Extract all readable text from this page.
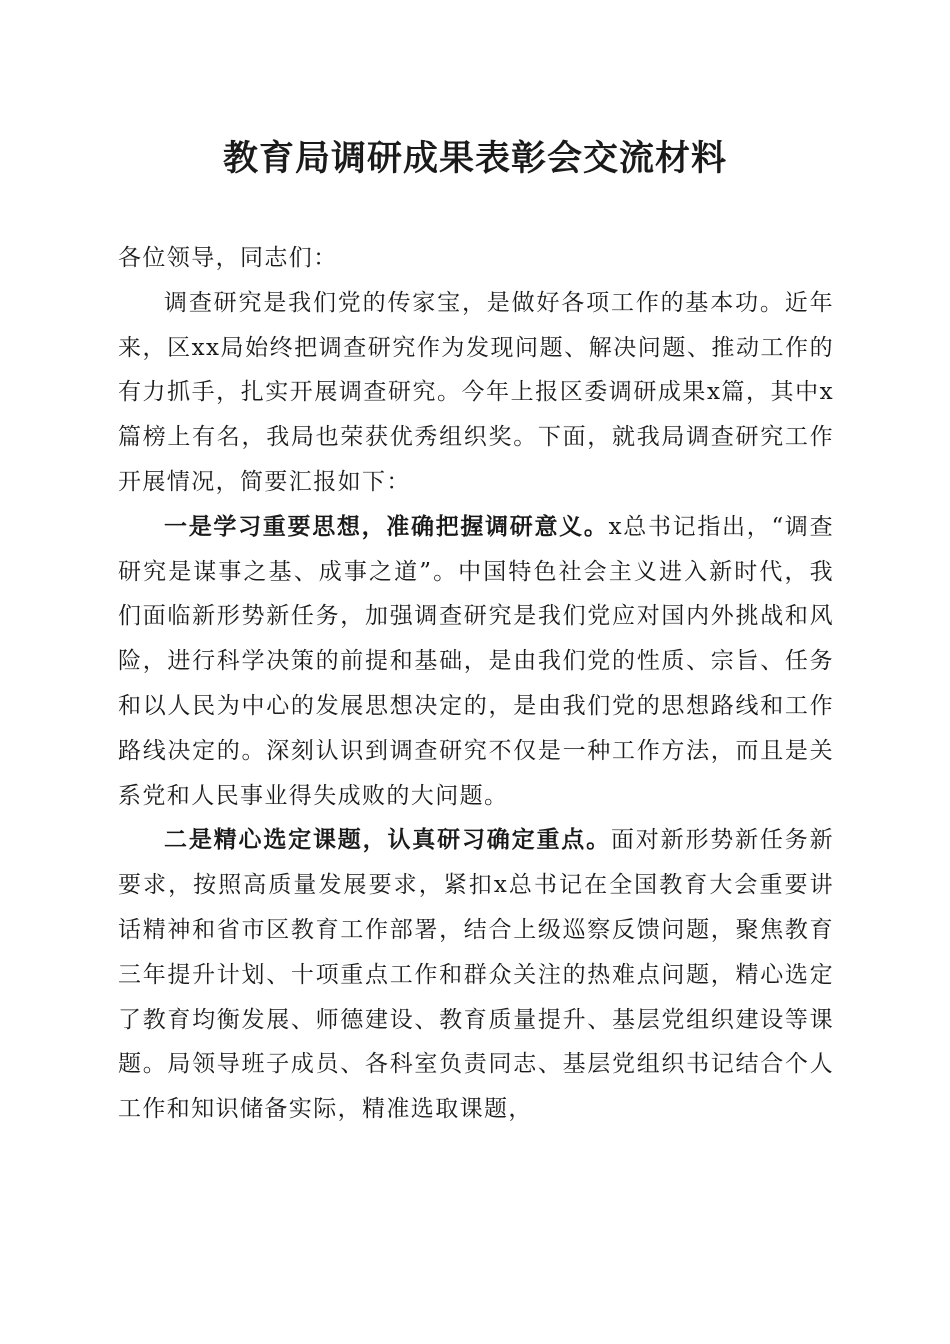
教育局调研成果表彰会交流材料

各位领导，同志们：

调查研究是我们党的传家宝，是做好各项工作的基本功。近年来，区xx局始终把调查研究作为发现问题、解决问题、推动工作的有力抓手，扎实开展调查研究。今年上报区委调研成果x篇，其中x篇榜上有名，我局也荣获优秀组织奖。下面，就我局调查研究工作开展情况，简要汇报如下：

一是学习重要思想，准确把握调研意义。x总书记指出，“调查研究是谋事之基、成事之道”。中国特色社会主义进入新时代，我们面临新形势新任务，加强调查研究是我们党应对国内外挑战和风险，进行科学决策的前提和基础，是由我们党的性质、宗旨、任务和以人民为中心的发展思想决定的，是由我们党的思想路线和工作路线决定的。深刻认识到调查研究不仅是一种工作方法，而且是关系党和人民事业得失成败的大问题。

二是精心选定课题，认真研习确定重点。面对新形势新任务新要求，按照高质量发展要求，紧扣x总书记在全国教育大会重要讲话精神和省市区教育工作部署，结合上级巡察反馈问题，聚焦教育三年提升计划、十项重点工作和群众关注的热难点问题，精心选定了教育均衡发展、师德建设、教育质量提升、基层党组织建设等课题。局领导班子成员、各科室负责同志、基层党组织书记结合个人工作和知识储备实际，精准选取课题，
